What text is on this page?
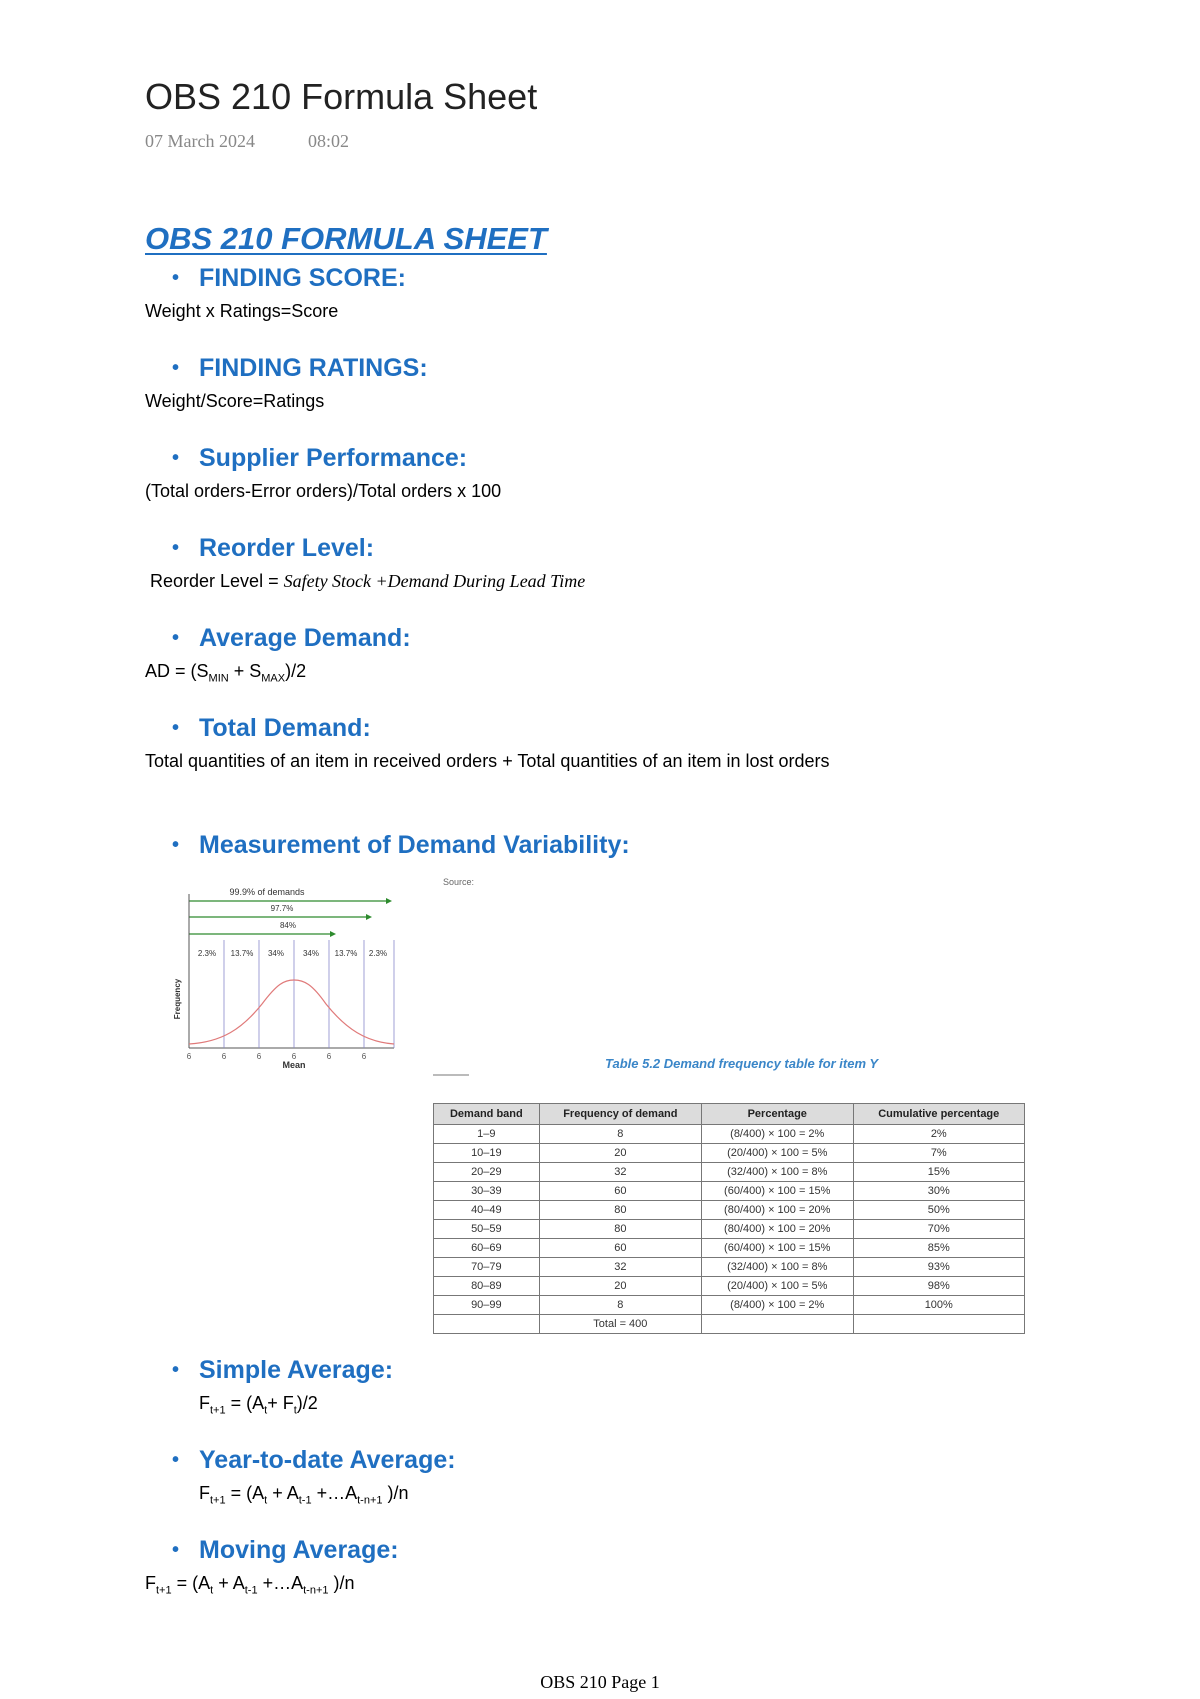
OBS 210 Formula Sheet
07 March 2024	08:02
OBS 210 FORMULA SHEET
• FINDING SCORE:
Weight x Ratings=Score
• FINDING RATINGS:
Weight/Score=Ratings
• Supplier Performance:
(Total orders-Error orders)/Total orders x 100
• Reorder Level:
Reorder Level = Safety Stock +Demand During Lead Time
• Average Demand:
AD = $(S_{MIN} + S_{MAX})/2$
• Total Demand:
Total quantities of an item in received orders + Total quantities of an item in lost orders
• Measurement of Demand Variability:
99.9% of demands
97.7%
84%
2.3% 13.7% 34% 34% 13.7% 2.3%
Frequency
6	6	6	6	6	6
Mean
Source:
Table 5.2 Demand frequency table for item Y
Demand band	Frequency of demand	Percentage	Cumulative percentage
1–9	8	(8/400) × 100 = 2%	2%
10–19	20	(20/400) × 100 = 5%	7%
20–29	32	(32/400) × 100 = 8%	15%
30–39	60	(60/400) × 100 = 15%	30%
40–49	80	(80/400) × 100 = 20%	50%
50–59	80	(80/400) × 100 = 20%	70%
60–69	60	(60/400) × 100 = 15%	85%
70–79	32	(32/400) × 100 = 8%	93%
80–89	20	(20/400) × 100 = 5%	98%
90–99	8	(8/400) × 100 = 2%	100%
	Total = 400		
• Simple Average:
$F_{t+1} = (A_t+ F_t)/2$
• Year-to-date Average:
$F_{t+1} = (A_t + A_{t-1}$ $+\dots A_{t-n+1}$ )/n
• Moving Average:
$F_{t+1} = (A_t + A_{t-1}$ $+\dots A_{t-n+1}$ )/n
OBS 210 Page 1
